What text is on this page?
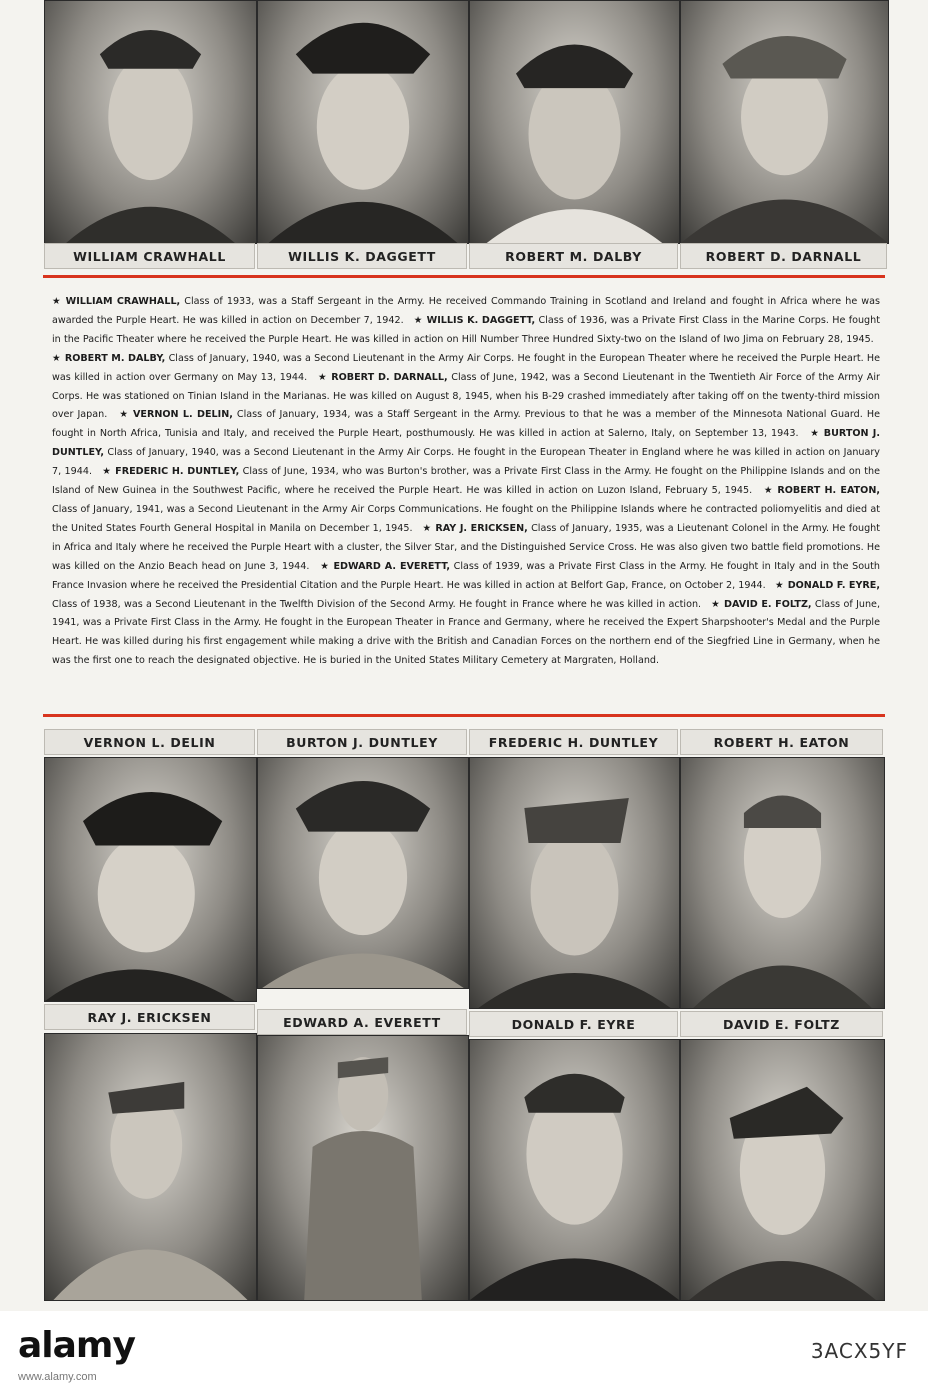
WILLIAM CRAWHALL	WILLIS K. DAGGETT	ROBERT M. DALBY	ROBERT D. DARNALL
★ WILLIAM CRAWHALL, Class of 1933, was a Staff Sergeant in the Army. He received Commando Training in Scotland and Ireland and fought in Africa where he was awarded the Purple Heart. He was killed in action on December 7, 1942. ★ WILLIS K. DAGGETT, Class of 1936, was a Private First Class in the Marine Corps. He fought in the Pacific Theater where he received the Purple Heart. He was killed in action on Hill Number Three Hundred Sixty-two on the Island of Iwo Jima on February 28, 1945.   ★ ROBERT M. DALBY, Class of January, 1940, was a Second Lieutenant in the Army Air Corps. He fought in the European Theater where he received the Purple Heart. He was killed in action over Germany on May 13, 1944. ★ ROBERT D. DARNALL, Class of June, 1942, was a Second Lieutenant in the Twentieth Air Force of the Army Air Corps. He was stationed on Tinian Island in the Marianas. He was killed on August 8, 1945, when his B-29 crashed immediately after taking off on the twenty-third mission over Japan. ★ VERNON L. DELIN, Class of January, 1934, was a Staff Sergeant in the Army. Previous to that he was a member of the Minnesota National Guard. He fought in North Africa, Tunisia and Italy, and received the Purple Heart, posthumously. He was killed in action at Salerno, Italy, on September 13, 1943. ★ BURTON J. DUNTLEY, Class of January, 1940, was a Second Lieutenant in the Army Air Corps. He fought in the European Theater in England where he was killed in action on January 7, 1944. ★ FREDERIC H. DUNTLEY, Class of June, 1934, who was Burton's brother, was a Private First Class in the Army. He fought on the Philippine Islands and on the Island of New Guinea in the Southwest Pacific, where he received the Purple Heart. He was killed in action on Luzon Island, February 5, 1945. ★ ROBERT H. EATON, Class of January, 1941, was a Second Lieutenant in the Army Air Corps Communications. He fought on the Philippine Islands where he contracted poliomyelitis and died at the United States Fourth General Hospital in Manila on December 1, 1945. ★ RAY J. ERICKSEN, Class of January, 1935, was a Lieutenant Colonel in the Army. He fought in Africa and Italy where he received the Purple Heart with a cluster, the Silver Star, and the Distinguished Service Cross. He was also given two battle field promotions. He was killed on the Anzio Beach head on June 3, 1944. ★ EDWARD A. EVERETT, Class of 1939, was a Private First Class in the Army. He fought in Italy and in the South France Invasion where he received the Presidential Citation and the Purple Heart. He was killed in action at Belfort Gap, France, on October 2, 1944. ★ DONALD F. EYRE, Class of 1938, was a Second Lieutenant in the Twelfth Division of the Second Army. He fought in France where he was killed in action. ★ DAVID E. FOLTZ, Class of June, 1941, was a Private First Class in the Army. He fought in the European Theater in France and Germany, where he received the Expert Sharpshooter's Medal and the Purple Heart. He was killed during his first engagement while making a drive with the British and Canadian Forces on the northern end of the Siegfried Line in Germany, when he was the first one to reach the designated objective. He is buried in the United States Military Cemetery at Margraten, Holland.
VERNON L. DELIN	BURTON J. DUNTLEY	FREDERIC H. DUNTLEY	ROBERT H. EATON
RAY J. ERICKSEN	EDWARD A. EVERETT	DONALD F. EYRE	DAVID E. FOLTZ
alamy
www.alamy.com
3ACX5YF
